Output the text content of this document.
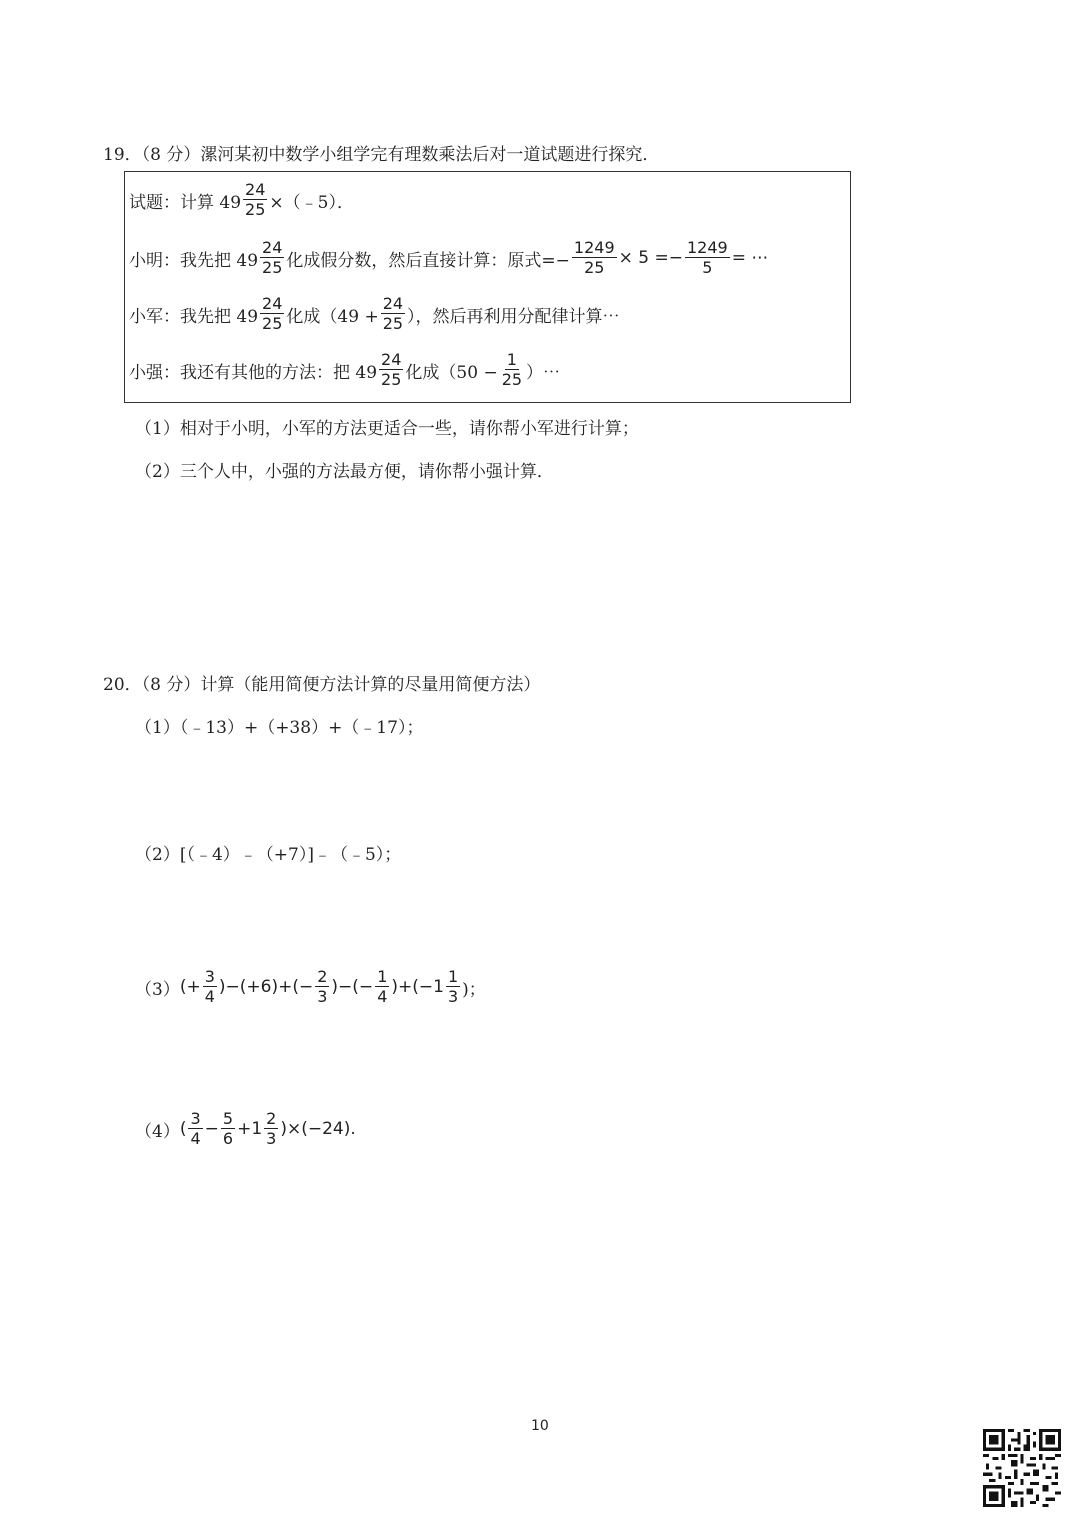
19．（8 分）漯河某初中数学小组学完有理数乘法后对一道试题进行探究．
试题：计算 $49 \frac{24}{25}$ ×（﹣5）．
小明：我先把 $49 \frac{24}{25}$ 化成假分数，然后直接计算：原式=− $\frac{1249}{25} \times 5 =- \frac{1249}{5}$ = ⋯
小军：我先把 $49 \frac{24}{25}$ 化成（$49 + \frac{24}{25}$ ），然后再利用分配律计算⋯
小强：我还有其他的方法：把 $49 \frac{24}{25}$ 化成（$50 - \frac{1}{25}$ ）⋯
（1）相对于小明，小军的方法更适合一些，请你帮小军进行计算；
（2）三个人中，小强的方法最方便，请你帮小强计算．
20．（8 分）计算（能用简便方法计算的尽量用简便方法）
（1）（﹣13）+（+38）+（﹣17）；
（2）[（﹣4）﹣（+7）]﹣（﹣5）；
（3） (+ $\frac{3}{4} )-(+6)+(- \frac{2}{3}$ )−(− $\frac{1}{4} )+(-1 \frac{1}{3}$ )；
（4） ( $\frac{3}{4} - \frac{5}{6} +1 \frac{2}{3} )\times(-24)$.
10
